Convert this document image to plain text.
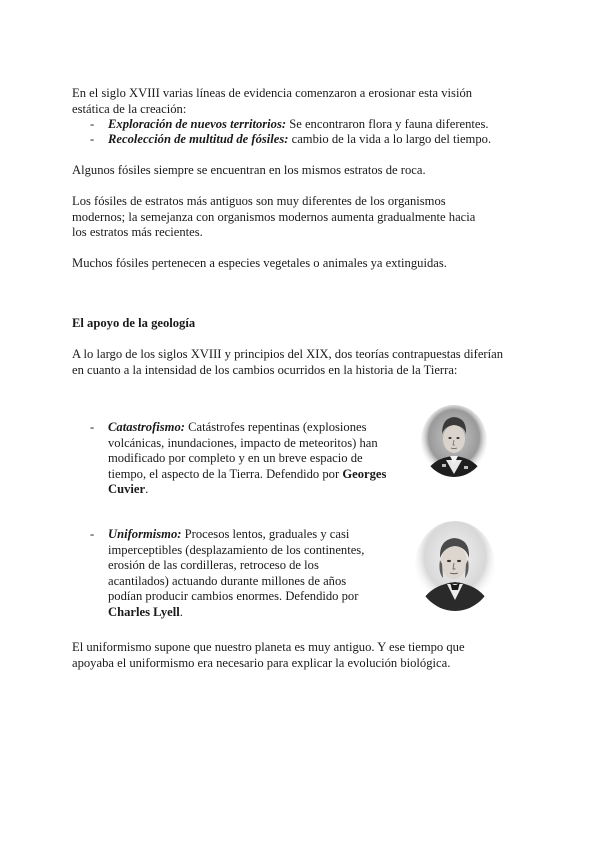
En el siglo XVIII varias líneas de evidencia comenzaron a erosionar esta visión
estática de la creación:

- Exploración de nuevos territorios: Se encontraron flora y fauna diferentes.

- Recolección de multitud de fósiles: cambio de la vida a lo largo del tiempo.

Algunos fósiles siempre se encuentran en los mismos estratos de roca.

Los fósiles de estratos más antiguos son muy diferentes de los organismos
modernos; la semejanza con organismos modernos aumenta gradualmente hacia
los estratos más recientes.

Muchos fósiles pertenecen a especies vegetales o animales ya extinguidas.

El apoyo de la geología

A lo largo de los siglos XVIII y principios del XIX, dos teorías contrapuestas diferían
en cuanto a la intensidad de los cambios ocurridos en la historia de la Tierra:

- Catastrofismo: Catástrofes repentinas (explosiones
volcánicas, inundaciones, impacto de meteoritos) han
modificado por completo y en un breve espacio de
tiempo, el aspecto de la Tierra. Defendido por Georges
Cuvier.

- Uniformismo: Procesos lentos, graduales y casi
imperceptibles (desplazamiento de los continentes,
erosión de las cordilleras, retroceso de los
acantilados) actuando durante millones de años
podían producir cambios enormes. Defendido por
Charles Lyell.

El uniformismo supone que nuestro planeta es muy antiguo. Y ese tiempo que
apoyaba el uniformismo era necesario para explicar la evolución biológica.
